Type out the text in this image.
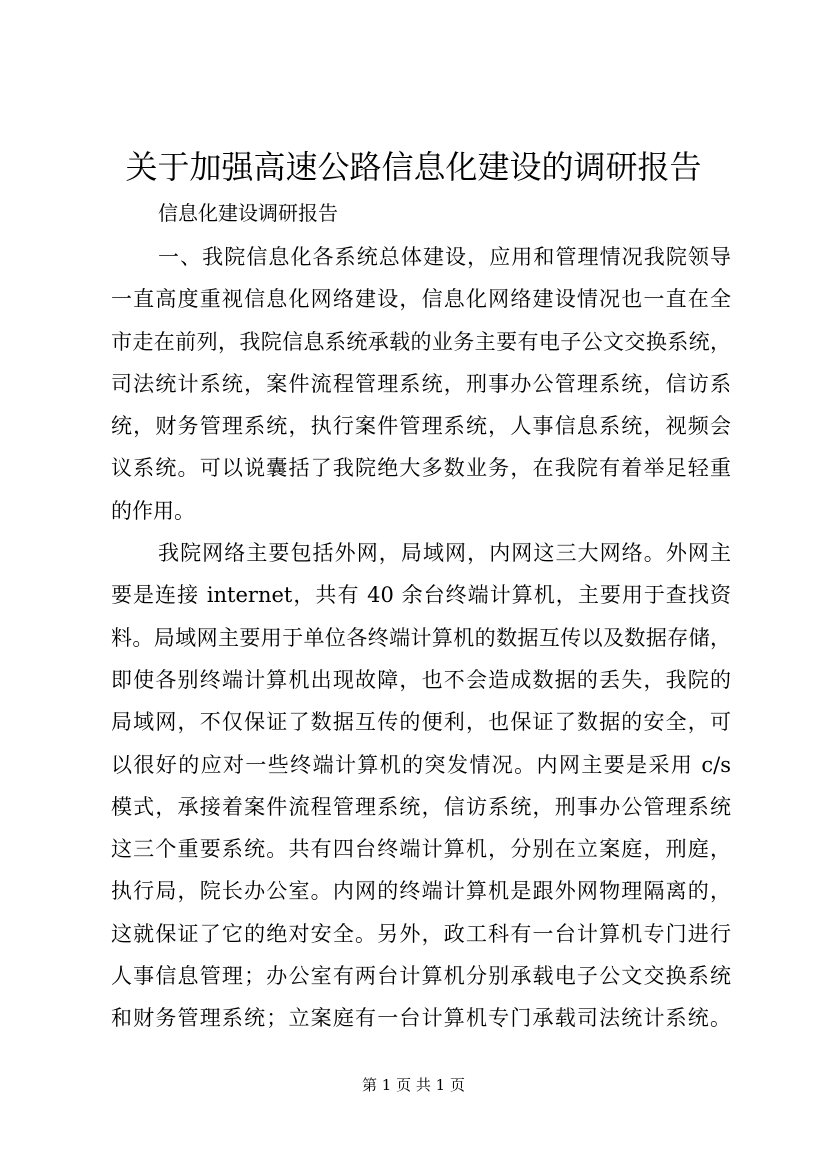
关于加强高速公路信息化建设的调研报告

信息化建设调研报告

一、我院信息化各系统总体建设，应用和管理情况我院领导
一直高度重视信息化网络建设，信息化网络建设情况也一直在全
市走在前列，我院信息系统承载的业务主要有电子公文交换系统，
司法统计系统，案件流程管理系统，刑事办公管理系统，信访系
统，财务管理系统，执行案件管理系统，人事信息系统，视频会
议系统。可以说囊括了我院绝大多数业务，在我院有着举足轻重
的作用。
我院网络主要包括外网，局域网，内网这三大网络。外网主
要是连接 internet，共有 40 余台终端计算机，主要用于查找资
料。局域网主要用于单位各终端计算机的数据互传以及数据存储，
即使各别终端计算机出现故障，也不会造成数据的丢失，我院的
局域网，不仅保证了数据互传的便利，也保证了数据的安全，可
以很好的应对一些终端计算机的突发情况。内网主要是采用 c/s
模式，承接着案件流程管理系统，信访系统，刑事办公管理系统
这三个重要系统。共有四台终端计算机，分别在立案庭，刑庭，
执行局，院长办公室。内网的终端计算机是跟外网物理隔离的，
这就保证了它的绝对安全。另外，政工科有一台计算机专门进行
人事信息管理；办公室有两台计算机分别承载电子公文交换系统
和财务管理系统；立案庭有一台计算机专门承载司法统计系统。

第 1 页 共 1 页
